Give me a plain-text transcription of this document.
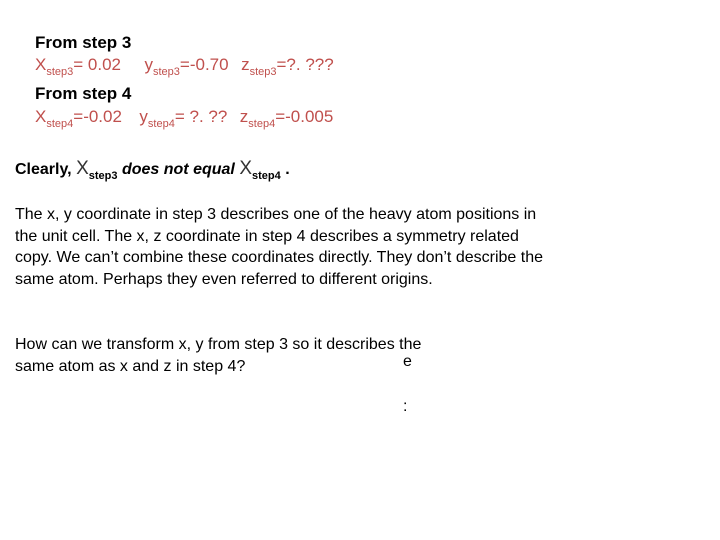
From step 3
$X_{step3}= 0.02$ $y_{step3}=-0.70$ $z_{step3}=$?. ???
From step 4
$X_{step4}=-0.02$ $y_{step4}=$ ?. ?? $z_{step4}=-0.005$
Clearly, $X_{step3}$ does not equal $X_{step4}$ .
The x, y coordinate in step 3 describes one of the heavy atom positions in the unit cell. The x, z coordinate in step 4 describes a symmetry related copy. We can’t combine these coordinates directly. They don’t describe the same atom. Perhaps they even referred to different origins.
How can we transform x, y from step 3 so it describes the same atom as x and z in step 4?	e
:
